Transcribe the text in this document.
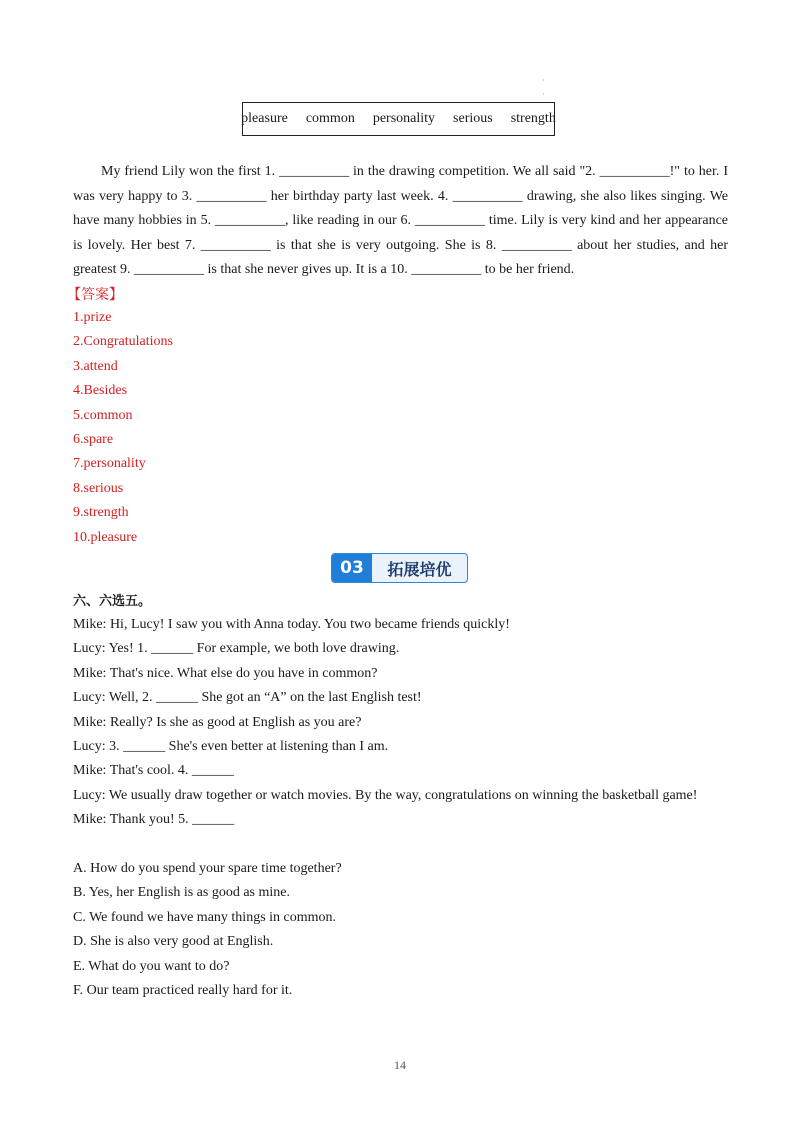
·
·
pleasure common personality serious strength

My friend Lily won the first 1. __________ in the drawing competition. We all said "2. __________!" to her. I was very happy to 3. __________ her birthday party last week. 4. __________ drawing, she also likes singing. We have many hobbies in 5. __________, like reading in our 6. __________ time. Lily is very kind and her appearance is lovely. Her best 7. __________ is that she is very outgoing. She is 8. __________ about her studies, and her greatest 9. __________ is that she never gives up. It is a 10. __________ to be her friend.

【答案】
1.prize
2.Congratulations
3.attend
4.Besides
5.common
6.spare
7.personality
8.serious
9.strength
10.pleasure
03	拓展培优
六、六选五。
Mike: Hi, Lucy! I saw you with Anna today. You two became friends quickly!
Lucy: Yes! 1. ______ For example, we both love drawing.
Mike: That's nice. What else do you have in common?
Lucy: Well, 2. ______ She got an “A” on the last English test!
Mike: Really? Is she as good at English as you are?
Lucy: 3. ______ She's even better at listening than I am.
Mike: That's cool. 4. ______
Lucy: We usually draw together or watch movies. By the way, congratulations on winning the basketball game!
Mike: Thank you! 5. ______
A. How do you spend your spare time together?
B. Yes, her English is as good as mine.
C. We found we have many things in common.
D. She is also very good at English.
E. What do you want to do?
F. Our team practiced really hard for it.
14
